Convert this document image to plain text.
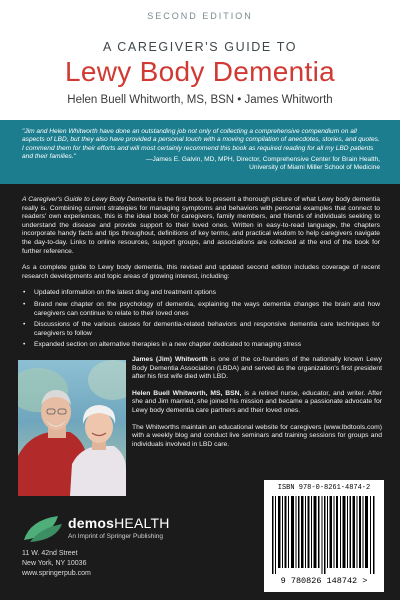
SECOND EDITION
A CAREGIVER'S GUIDE TO
Lewy Body Dementia
Helen Buell Whitworth, MS, BSN • James Whitworth
"Jim and Helen Whitworth have done an outstanding job not only of collecting a comprehensive compendium on all aspects of LBD, but they also have provided a personal touch with a moving compilation of anecdotes, stories, and quotes. I commend them for their efforts and will most certainly recommend this book as required reading for all my LBD patients and their families."	—James E. Galvin, MD, MPH, Director, Comprehensive Center for Brain Health,
University of Miami Miller School of Medicine

A Caregiver's Guide to Lewy Body Dementia is the first book to present a thorough picture of what Lewy body dementia really is. Combining current strategies for managing symptoms and behaviors with personal examples that connect to readers' own experiences, this is the ideal book for caregivers, family members, and friends of individuals seeking to understand the disease and provide support to their loved ones. Written in easy-to-read language, the chapters incorporate handy facts and tips throughout, definitions of key terms, and practical wisdom to help caregivers navigate the day-to-day. Links to online resources, support groups, and associations are collected at the end of the book for further reference.

As a complete guide to Lewy body dementia, this revised and updated second edition includes coverage of recent research developments and topic areas of growing interest, including:

• Updated information on the latest drug and treatment options
• Brand new chapter on the psychology of dementia, explaining the ways dementia changes the brain and how caregivers can continue to relate to their loved ones
• Discussions of the various causes for dementia-related behaviors and responsive dementia care techniques for caregivers to follow
• Expanded section on alternative therapies in a new chapter dedicated to managing stress

James (Jim) Whitworth is one of the co-founders of the nationally known Lewy Body Dementia Association (LBDA) and served as the organization's first president after his first wife died with LBD.

Helen Buell Whitworth, MS, BSN, is a retired nurse, educator, and writer. After she and Jim married, she joined his mission and became a passionate advocate for Lewy body dementia care partners and their loved ones.

The Whitworths maintain an educational website for caregivers (www.lbdtools.com) with a weekly blog and conduct live seminars and training sessions for groups and individuals involved in LBD care.

ISBN 978-0-8261-4874-2
9 780826 148742 >
demosHEALTH
An Imprint of Springer Publishing
11 W. 42nd Street
New York, NY 10036
www.springerpub.com
